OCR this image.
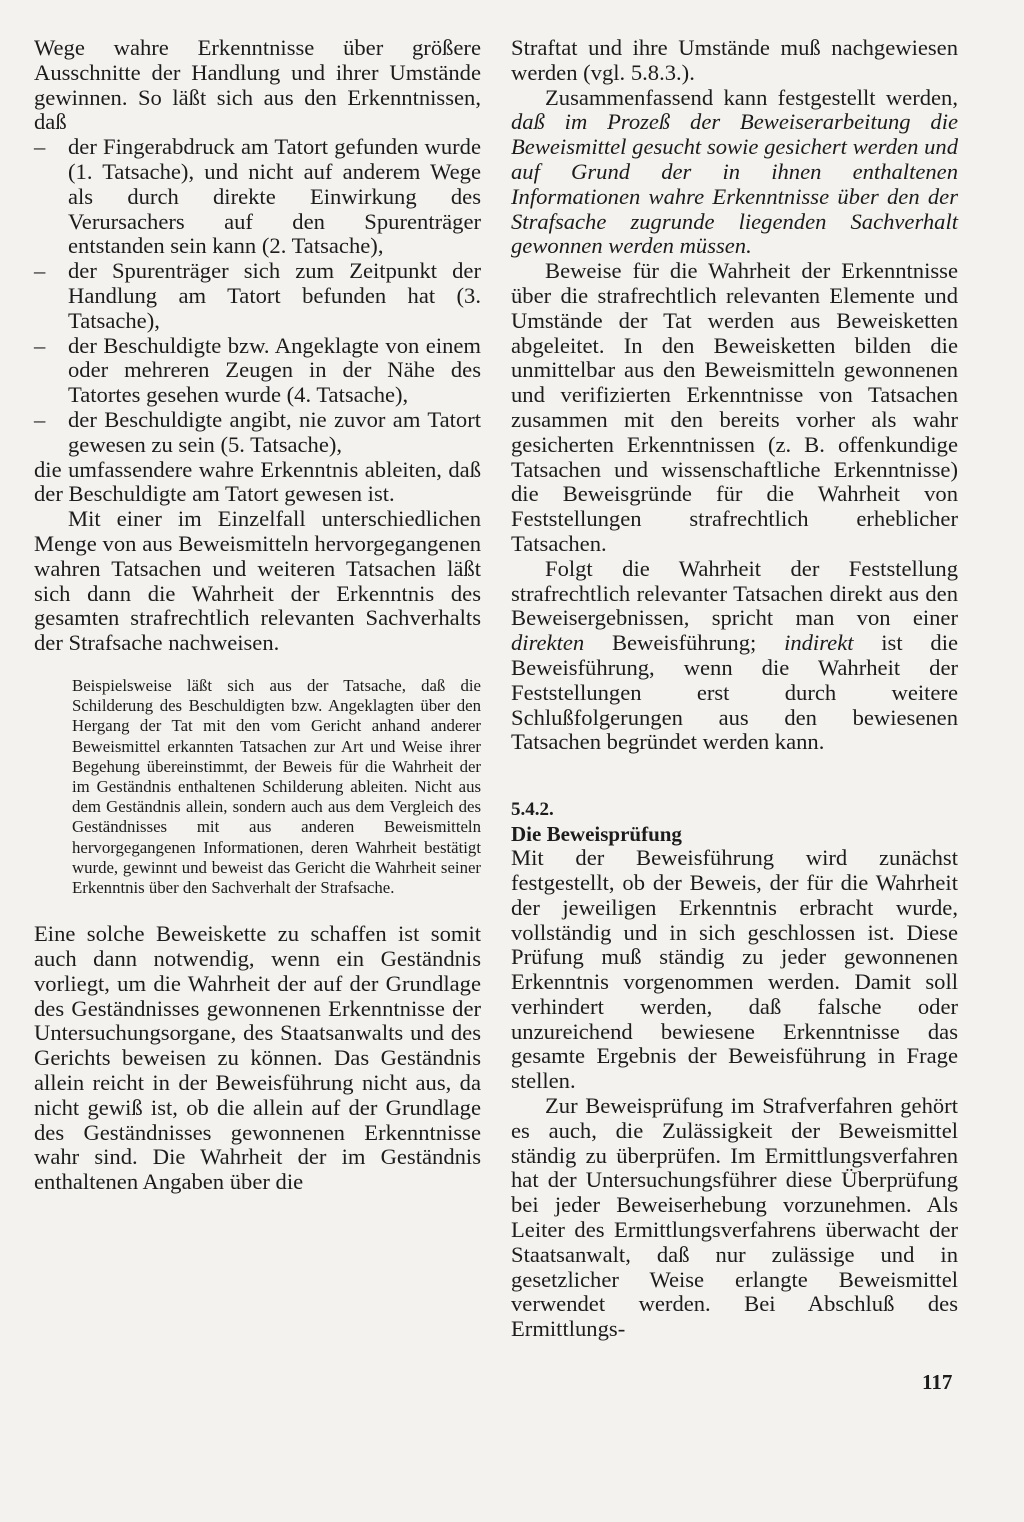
Wege wahre Erkenntnisse über größere Ausschnitte der Handlung und ihrer Umstände gewinnen. So läßt sich aus den Erkenntnissen, daß

– der Fingerabdruck am Tatort gefunden wurde (1. Tatsache), und nicht auf anderem Wege als durch direkte Einwirkung des Verursachers auf den Spurenträger entstanden sein kann (2. Tatsache),
– der Spurenträger sich zum Zeitpunkt der Handlung am Tatort befunden hat (3. Tatsache),
– der Beschuldigte bzw. Angeklagte von einem oder mehreren Zeugen in der Nähe des Tatortes gesehen wurde (4. Tatsache),
– der Beschuldigte angibt, nie zuvor am Tatort gewesen zu sein (5. Tatsache),

die umfassendere wahre Erkenntnis ableiten, daß der Beschuldigte am Tatort gewesen ist.

Mit einer im Einzelfall unterschiedlichen Menge von aus Beweismitteln hervorgegangenen wahren Tatsachen und weiteren Tatsachen läßt sich dann die Wahrheit der Erkenntnis des gesamten strafrechtlich relevanten Sachverhalts der Strafsache nachweisen.

Beispielsweise läßt sich aus der Tatsache, daß die Schilderung des Beschuldigten bzw. Angeklagten über den Hergang der Tat mit den vom Gericht anhand anderer Beweismittel erkannten Tatsachen zur Art und Weise ihrer Begehung übereinstimmt, der Beweis für die Wahrheit der im Geständnis enthaltenen Schilderung ableiten. Nicht aus dem Geständnis allein, sondern auch aus dem Vergleich des Geständnisses mit aus anderen Beweismitteln hervorgegangenen Informationen, deren Wahrheit bestätigt wurde, gewinnt und beweist das Gericht die Wahrheit seiner Erkenntnis über den Sachverhalt der Strafsache.

Eine solche Beweiskette zu schaffen ist somit auch dann notwendig, wenn ein Geständnis vorliegt, um die Wahrheit der auf der Grundlage des Geständnisses gewonnenen Erkenntnisse der Untersuchungsorgane, des Staatsanwalts und des Gerichts beweisen zu können. Das Geständnis allein reicht in der Beweisführung nicht aus, da nicht gewiß ist, ob die allein auf der Grundlage des Geständnisses gewonnenen Erkenntnisse wahr sind. Die Wahrheit der im Geständnis enthaltenen Angaben über die

Straftat und ihre Umstände muß nachgewiesen werden (vgl. 5.8.3.).

Zusammenfassend kann festgestellt werden, daß im Prozeß der Beweiserarbeitung die Beweismittel gesucht sowie gesichert werden und auf Grund der in ihnen enthaltenen Informationen wahre Erkenntnisse über den der Strafsache zugrunde liegenden Sachverhalt gewonnen werden müssen.

Beweise für die Wahrheit der Erkenntnisse über die strafrechtlich relevanten Elemente und Umstände der Tat werden aus Beweisketten abgeleitet. In den Beweisketten bilden die unmittelbar aus den Beweismitteln gewonnenen und verifizierten Erkenntnisse von Tatsachen zusammen mit den bereits vorher als wahr gesicherten Erkenntnissen (z. B. offenkundige Tatsachen und wissenschaftliche Erkenntnisse) die Beweisgründe für die Wahrheit von Feststellungen strafrechtlich erheblicher Tatsachen.

Folgt die Wahrheit der Feststellung strafrechtlich relevanter Tatsachen direkt aus den Beweisergebnissen, spricht man von einer direkten Beweisführung; indirekt ist die Beweisführung, wenn die Wahrheit der Feststellungen erst durch weitere Schlußfolgerungen aus den bewiesenen Tatsachen begründet werden kann.

5.4.2.
Die Beweisprüfung

Mit der Beweisführung wird zunächst festgestellt, ob der Beweis, der für die Wahrheit der jeweiligen Erkenntnis erbracht wurde, vollständig und in sich geschlossen ist. Diese Prüfung muß ständig zu jeder gewonnenen Erkenntnis vorgenommen werden. Damit soll verhindert werden, daß falsche oder unzureichend bewiesene Erkenntnisse das gesamte Ergebnis der Beweisführung in Frage stellen.

Zur Beweisprüfung im Strafverfahren gehört es auch, die Zulässigkeit der Beweismittel ständig zu überprüfen. Im Ermittlungsverfahren hat der Untersuchungsführer diese Überprüfung bei jeder Beweiserhebung vorzunehmen. Als Leiter des Ermittlungsverfahrens überwacht der Staatsanwalt, daß nur zulässige und in gesetzlicher Weise erlangte Beweismittel verwendet werden. Bei Abschluß des Ermittlungs-

117
